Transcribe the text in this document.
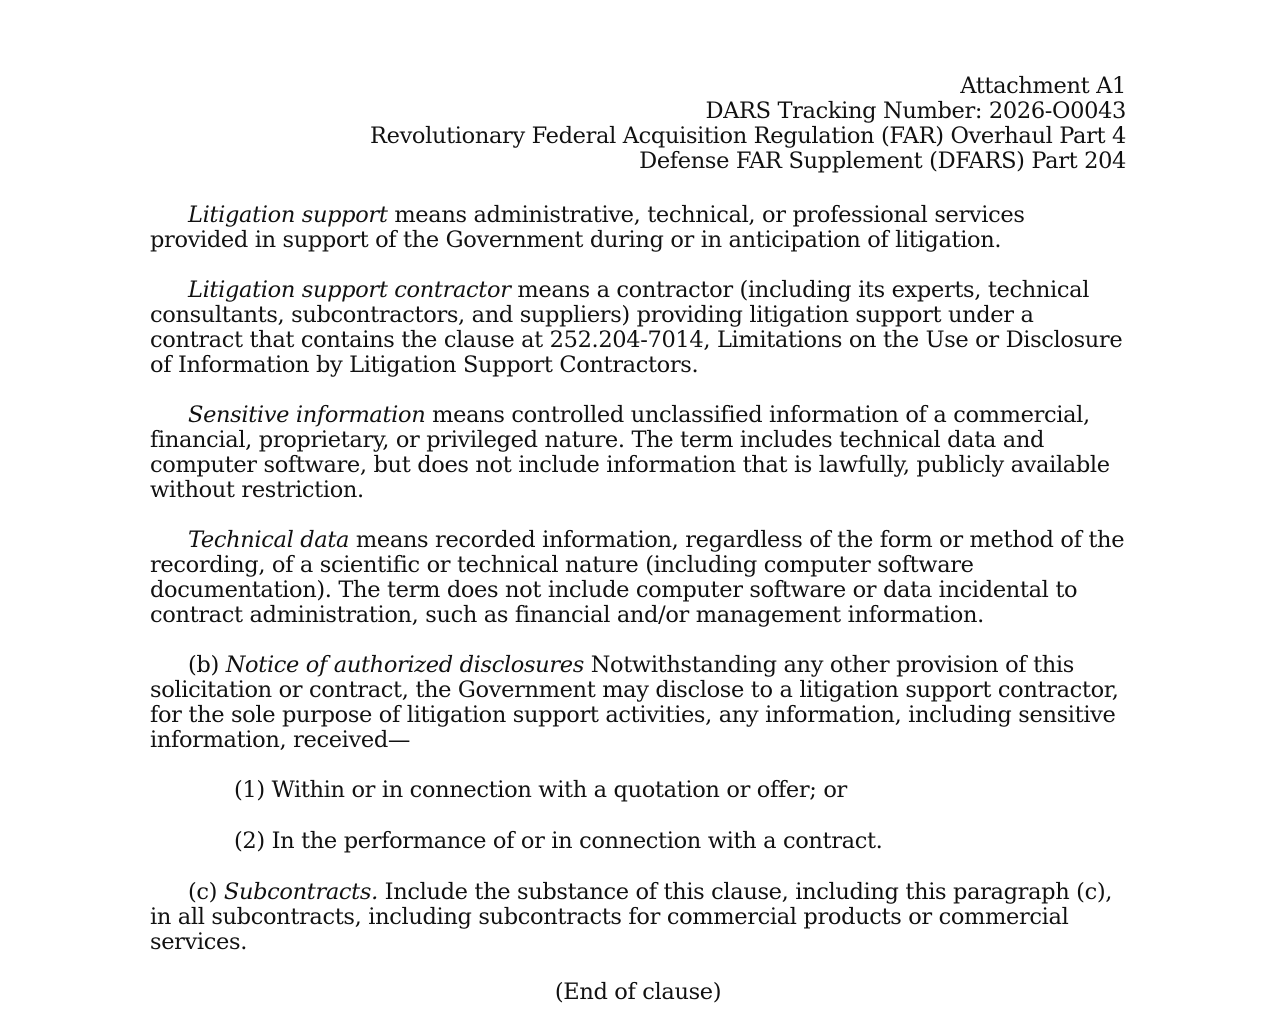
Attachment A1
DARS Tracking Number: 2026-O0043
Revolutionary Federal Acquisition Regulation (FAR) Overhaul Part 4
Defense FAR Supplement (DFARS) Part 204

Litigation support means administrative, technical, or professional services provided in support of the Government during or in anticipation of litigation.

Litigation support contractor means a contractor (including its experts, technical consultants, subcontractors, and suppliers) providing litigation support under a contract that contains the clause at 252.204-7014, Limitations on the Use or Disclosure of Information by Litigation Support Contractors.

Sensitive information means controlled unclassified information of a commercial, financial, proprietary, or privileged nature. The term includes technical data and computer software, but does not include information that is lawfully, publicly available without restriction.

Technical data means recorded information, regardless of the form or method of the recording, of a scientific or technical nature (including computer software documentation). The term does not include computer software or data incidental to contract administration, such as financial and/or management information.

(b) Notice of authorized disclosures Notwithstanding any other provision of this solicitation or contract, the Government may disclose to a litigation support contractor, for the sole purpose of litigation support activities, any information, including sensitive information, received—

(1) Within or in connection with a quotation or offer; or

(2) In the performance of or in connection with a contract.

(c) Subcontracts. Include the substance of this clause, including this paragraph (c), in all subcontracts, including subcontracts for commercial products or commercial services.

(End of clause)
